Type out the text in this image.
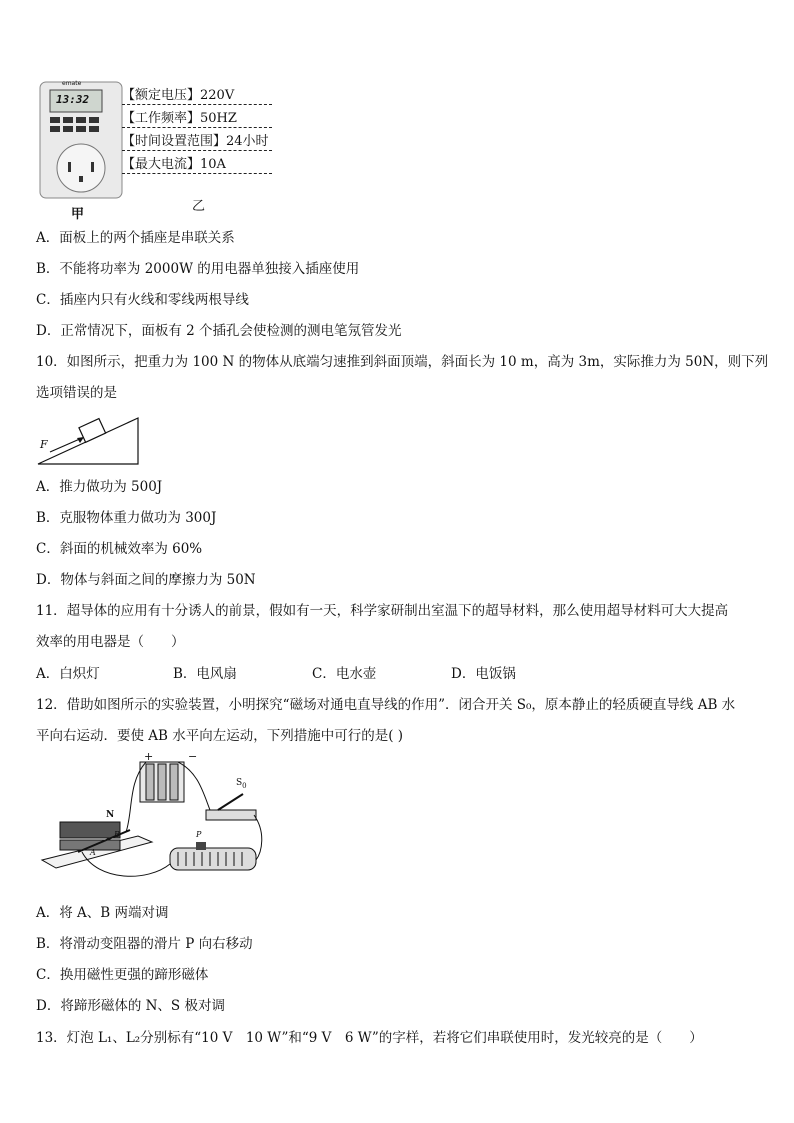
emate
13:32
甲
【额定电压】220V
【工作频率】50HZ
【时间设置范围】24小时
【最大电流】10A
乙
A．面板上的两个插座是串联关系
B．不能将功率为 2000W 的用电器单独接入插座使用
C．插座内只有火线和零线两根导线
D．正常情况下，面板有 2 个插孔会使检测的测电笔氖管发光
10．如图所示，把重力为 100 N 的物体从底端匀速推到斜面顶端，斜面长为 10 m，高为 3m，实际推力为 50N，则下列
选项错误的是
F
A．推力做功为 500J
B．克服物体重力做功为 300J
C．斜面的机械效率为 60%
D．物体与斜面之间的摩擦力为 50N
11．超导体的应用有十分诱人的前景，假如有一天，科学家研制出室温下的超导材料，那么使用超导材料可大大提高
效率的用电器是（　　）
A．白炽灯	B．电风扇	C．电水壶	D．电饭锅
12．借助如图所示的实验装置，小明探究“磁场对通电直导线的作用”．闭合开关 S₀，原本静止的轻质硬直导线 AB 水
平向右运动．要使 AB 水平向左运动，下列措施中可行的是( )
+	−
$S_0$
N
A
B	P
A．将 A、B 两端对调
B．将滑动变阻器的滑片 P 向右移动
C．换用磁性更强的蹄形磁体
D．将蹄形磁体的 N、S 极对调
13．灯泡 L₁、L₂分别标有“10 V　10 W”和“9 V　6 W”的字样，若将它们串联使用时，发光较亮的是（　　）
